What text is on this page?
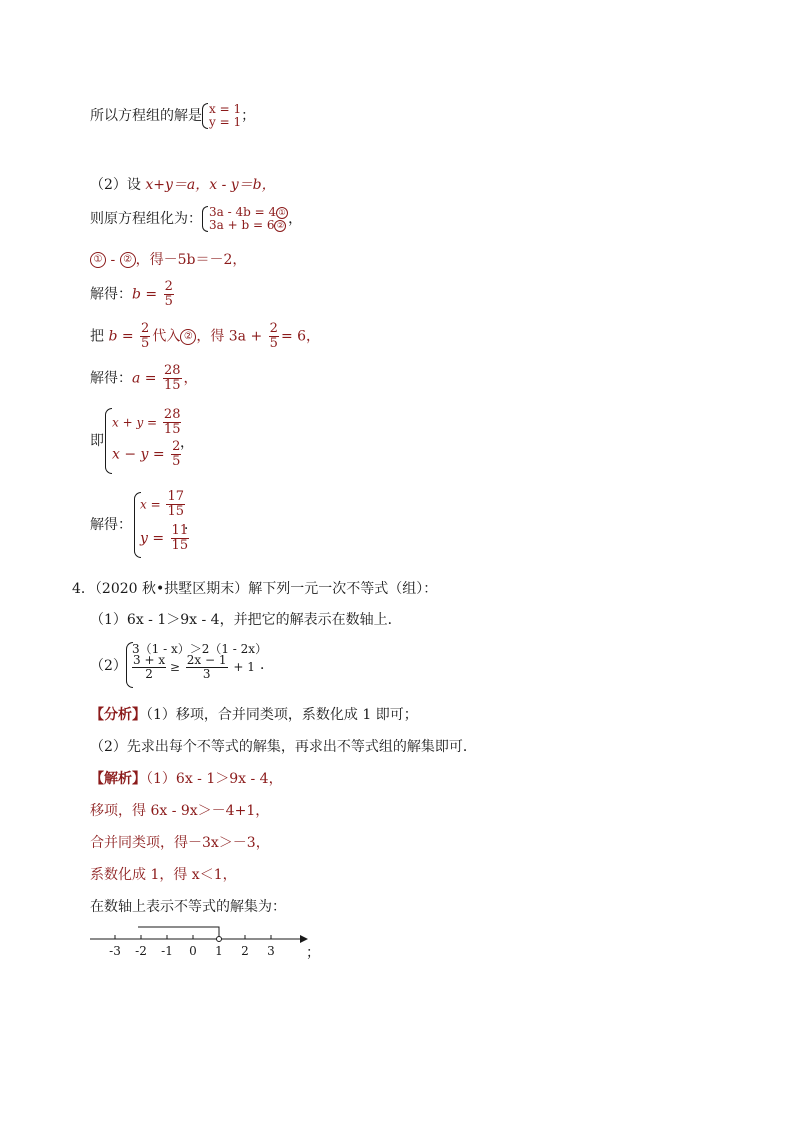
所以方程组的解是 x = 1
y = 1 ；
（2）设 x+y＝a，x - y＝b，
则原方程组化为： 3a - 4b = 4 ①
3a + b = 6 ② ，
① - ② ，得－5b＝－2，
解得：$b = \frac{2}{5}$
把 $b = \frac{2}{5}$ 代入 ② ，得 $3a + \frac{2}{5} = 6$，
解得：$a = \frac{28}{15}$ ，
即
$x + y = \frac{28}{15}$
$x - y = \frac{2}{5}$
，
解得：
$x = \frac{17}{15}$
$y = \frac{11}{15}$
．
4．（2020 秋•拱墅区期末）解下列一元一次不等式（组）：
（1）6x - 1＞9x - 4，并把它的解表示在数轴上．
（2）
3（1 - x）＞2（1 - 2x）
$\frac{3 + x}{2} \ge \frac{2x - 1}{3} + 1$ ．
【分析】（1）移项，合并同类项，系数化成 1 即可；
（2）先求出每个不等式的解集，再求出不等式组的解集即可．
【解析】（1）6x - 1＞9x - 4，
移项，得 6x - 9x＞－4+1，
合并同类项，得－3x＞－3，
系数化成 1，得 x＜1，
在数轴上表示不等式的解集为：
-3 -2 -1 0 1 2 3 ；
